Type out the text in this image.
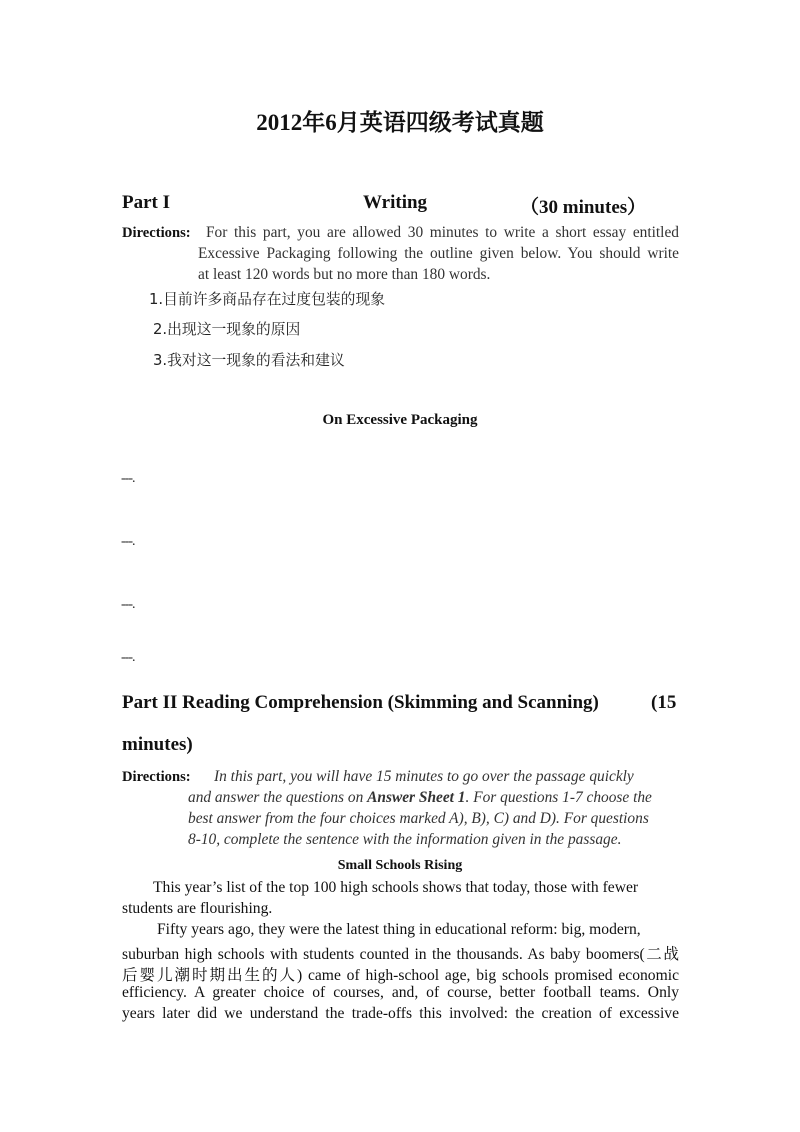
2012年6月英语四级考试真题
Part I	Writing	（30 minutes）
Directions: For this part, you are allowed 30 minutes to write a short essay entitled
Excessive Packaging following the outline given below. You should write
at least 120 words but no more than 180 words.
1.目前许多商品存在过度包装的现象
2.出现这一现象的原因
3.我对这一现象的看法和建议
On Excessive Packaging
---.
---.
---.
---.
Part II Reading Comprehension (Skimming and Scanning)	(15
minutes)
Directions: In this part, you will have 15 minutes to go over the passage quickly
and answer the questions on Answer Sheet 1. For questions 1-7 choose the
best answer from the four choices marked A), B), C) and D). For questions
8-10, complete the sentence with the information given in the passage.
Small Schools Rising
This year’s list of the top 100 high schools shows that today, those with fewer
students are flourishing.
Fifty years ago, they were the latest thing in educational reform: big, modern,
suburban high schools with students counted in the thousands. As baby boomers(二战
后婴儿潮时期出生的人) came of high-school age, big schools promised economic
efficiency. A greater choice of courses, and, of course, better football teams. Only
years later did we understand the trade-offs this involved: the creation of excessive
